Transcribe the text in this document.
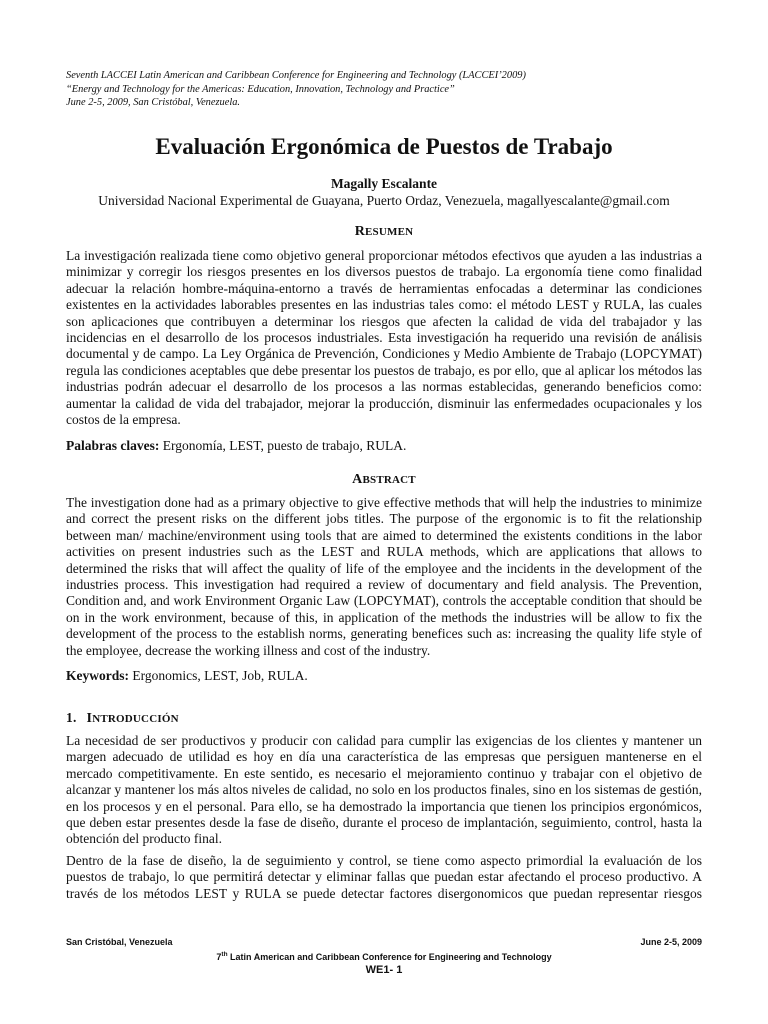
Seventh LACCEI Latin American and Caribbean Conference for Engineering and Technology (LACCEI’2009)
“Energy and Technology for the Americas: Education, Innovation, Technology and Practice”
June 2-5, 2009, San Cristóbal, Venezuela.
Evaluación Ergonómica de Puestos de Trabajo
Magally Escalante
Universidad Nacional Experimental de Guayana, Puerto Ordaz, Venezuela, magallyescalante@gmail.com
RESUMEN
La investigación realizada tiene como objetivo general proporcionar métodos efectivos que ayuden a las industrias a minimizar y corregir los riesgos presentes en los diversos puestos de trabajo. La ergonomía tiene como finalidad adecuar la relación hombre-máquina-entorno a través de herramientas enfocadas a determinar las condiciones existentes en la actividades laborables presentes en las industrias tales como: el método LEST y RULA, las cuales son aplicaciones que contribuyen a determinar los riesgos que afecten la calidad de vida del trabajador y las incidencias en el desarrollo de los procesos industriales. Esta investigación ha requerido una revisión de análisis documental y de campo. La Ley Orgánica de Prevención, Condiciones y Medio Ambiente de Trabajo (LOPCYMAT) regula las condiciones aceptables que debe presentar los puestos de trabajo, es por ello, que al aplicar los métodos las industrias podrán adecuar el desarrollo de los procesos a las normas establecidas, generando beneficios como: aumentar la calidad de vida del trabajador, mejorar la producción, disminuir las enfermedades ocupacionales y los costos de la empresa.
Palabras claves: Ergonomía, LEST, puesto de trabajo, RULA.
ABSTRACT
The investigation done had as a primary objective to give effective methods that will help the industries to minimize and correct the present risks on the different jobs titles. The purpose of the ergonomic is to fit the relationship between man/ machine/environment using tools that are aimed to determined the existents conditions in the labor activities on present industries such as the LEST and RULA methods, which are applications that allows to determined the risks that will affect the quality of life of the employee and the incidents in the development of the industries process. This investigation had required a review of documentary and field analysis. The Prevention, Condition and, and work Environment Organic Law (LOPCYMAT), controls the acceptable condition that should be on in the work environment, because of this, in application of the methods the industries will be allow to fix the development of the process to the establish norms, generating benefices such as: increasing the quality life style of the employee, decrease the working illness and cost of the industry.
Keywords: Ergonomics, LEST, Job, RULA.
1. INTRODUCCIÓN
La necesidad de ser productivos y producir con calidad para cumplir las exigencias de los clientes y mantener un margen adecuado de utilidad es hoy en día una característica de las empresas que persiguen mantenerse en el mercado competitivamente. En este sentido, es necesario el mejoramiento continuo y trabajar con el objetivo de alcanzar y mantener los más altos niveles de calidad, no solo en los productos finales, sino en los sistemas de gestión, en los procesos y en el personal. Para ello, se ha demostrado la importancia que tienen los principios ergonómicos, que deben estar presentes desde la fase de diseño, durante el proceso de implantación, seguimiento, control, hasta la obtención del producto final.
Dentro de la fase de diseño, la de seguimiento y control, se tiene como aspecto primordial la evaluación de los puestos de trabajo, lo que permitirá detectar y eliminar fallas que puedan estar afectando el proceso productivo. A través de los métodos LEST y RULA se puede detectar factores disergonomicos que puedan representar riesgos
San Cristóbal, Venezuela	June 2-5, 2009
7th Latin American and Caribbean Conference for Engineering and Technology
WE1- 1
